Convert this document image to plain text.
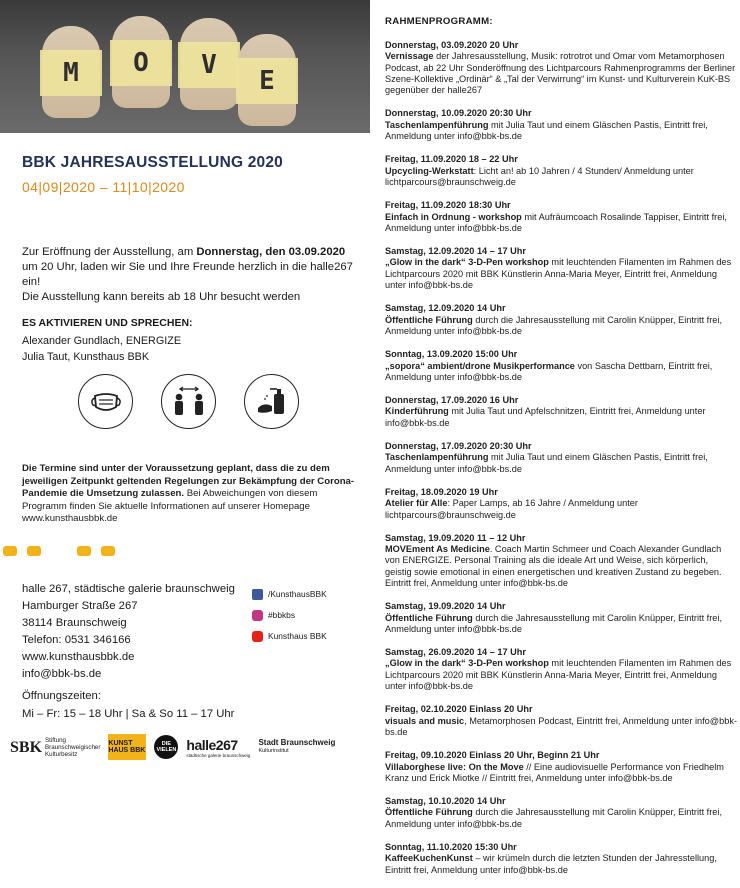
M	O	V
E
BBK JAHRESAUSSTELLUNG 2020
04|09|2020 – 11|10|2020
Zur Eröffnung der Ausstellung, am Donnerstag, den 03.09.2020 um 20 Uhr, laden wir Sie und Ihre Freunde herzlich in die halle267 ein!
Die Ausstellung kann bereits ab 18 Uhr besucht werden
ES AKTIVIEREN UND SPRECHEN:
Alexander Gundlach, ENERGIZE
Julia Taut, Kunsthaus BBK
Die Termine sind unter der Voraussetzung geplant, dass die zu dem jeweiligen Zeitpunkt geltenden Regelungen zur Bekämpfung der Corona-Pandemie die Umsetzung zulassen. Bei Abweichungen von diesem Programm finden Sie aktuelle Informationen auf unserer Homepage www.kunsthausbbk.de
halle 267, städtische galerie braunschweig
Hamburger Straße 267
38114 Braunschweig
Telefon: 0531 346166
www.kunsthausbbk.de
info@bbk-bs.de
Öffnungszeiten:
Mi – Fr: 15 – 18 Uhr | Sa & So 11 – 17 Uhr
/KunsthausBBK
#bbkbs
Kunsthaus BBK
SBK Stiftung
Braunschweigischer
Kulturbesitz
KUNST HAUS BBK
DIE VIELEN halle267
städtische galerie braunschweig
Stadt Braunschweig
Kulturinstitut
RAHMENPROGRAMM:
Donnerstag, 03.09.2020 20 Uhr
Vernissage der Jahresausstellung, Musik: rotrotrot und Omar vom Metamorphosen Podcast, ab 22 Uhr Sonderöffnung des Lichtparcours Rahmenprogramms der Berliner Szene-Kollektive „Ordinär“ & „Tal der Verwirrung“ im Kunst- und Kulturverein KuK-BS gegenüber der halle267
Donnerstag, 10.09.2020 20:30 Uhr
Taschenlampenführung mit Julia Taut und einem Gläschen Pastis, Eintritt frei, Anmeldung unter info@bbk-bs.de
Freitag, 11.09.2020 18 – 22 Uhr
Upcycling-Werkstatt: Licht an! ab 10 Jahren / 4 Stunden/ Anmeldung unter lichtparcours@braunschweig.de
Freitag, 11.09.2020 18:30 Uhr
Einfach in Ordnung - workshop mit Aufräumcoach Rosalinde Tappiser, Eintritt frei, Anmeldung unter info@bbk-bs.de
Samstag, 12.09.2020 14 – 17 Uhr
„Glow in the dark“ 3-D-Pen workshop mit leuchtenden Filamenten im Rahmen des Lichtparcours 2020 mit BBK Künstlerin Anna-Maria Meyer, Eintritt frei, Anmeldung unter info@bbk-bs.de
Samstag, 12.09.2020 14 Uhr
Öffentliche Führung durch die Jahresausstellung mit Carolin Knüpper, Eintritt frei, Anmeldung unter info@bbk-bs.de
Sonntag, 13.09.2020 15:00 Uhr
„sopora“ ambient/drone Musikperformance von Sascha Dettbarn, Eintritt frei, Anmeldung unter info@bbk-bs.de
Donnerstag, 17.09.2020 16 Uhr
Kinderführung mit Julia Taut und Apfelschnitzen, Eintritt frei, Anmeldung unter info@bbk-bs.de
Donnerstag, 17.09.2020 20:30 Uhr
Taschenlampenführung mit Julia Taut und einem Gläschen Pastis, Eintritt frei, Anmeldung unter info@bbk-bs.de
Freitag, 18.09.2020 19 Uhr
Atelier für Alle: Paper Lamps, ab 16 Jahre / Anmeldung unter lichtparcours@braunschweig.de
Samstag, 19.09.2020 11 – 12 Uhr
MOVEment As Medicine. Coach Martin Schmeer und Coach Alexander Gundlach von ENERGIZE. Personal Training als die ideale Art und Weise, sich körperlich, geistig sowie emotional in einen energetischen und kreativen Zustand zu begeben. Eintritt frei, Anmeldung unter info@bbk-bs.de
Samstag, 19.09.2020 14 Uhr
Öffentliche Führung durch die Jahresausstellung mit Carolin Knüpper, Eintritt frei, Anmeldung unter info@bbk-bs.de
Samstag, 26.09.2020 14 – 17 Uhr
„Glow in the dark“ 3-D-Pen workshop mit leuchtenden Filamenten im Rahmen des Lichtparcours 2020 mit BBK Künstlerin Anna-Maria Meyer, Eintritt frei, Anmeldung unter info@bbk-bs.de
Freitag, 02.10.2020 Einlass 20 Uhr
visuals and music, Metamorphosen Podcast, Eintritt frei, Anmeldung unter info@bbk-bs.de
Freitag, 09.10.2020 Einlass 20 Uhr, Beginn 21 Uhr
Villaborghese live: On the Move // Eine audiovisuelle Performance von Friedhelm Kranz und Erick Miotke // Eintritt frei, Anmeldung unter info@bbk-bs.de
Samstag, 10.10.2020 14 Uhr
Öffentliche Führung durch die Jahresausstellung mit Carolin Knüpper, Eintritt frei, Anmeldung unter info@bbk-bs.de
Sonntag, 11.10.2020 15:30 Uhr
KaffeeKuchenKunst – wir krümeln durch die letzten Stunden der Jahresstellung, Eintritt frei, Anmeldung unter info@bbk-bs.de
